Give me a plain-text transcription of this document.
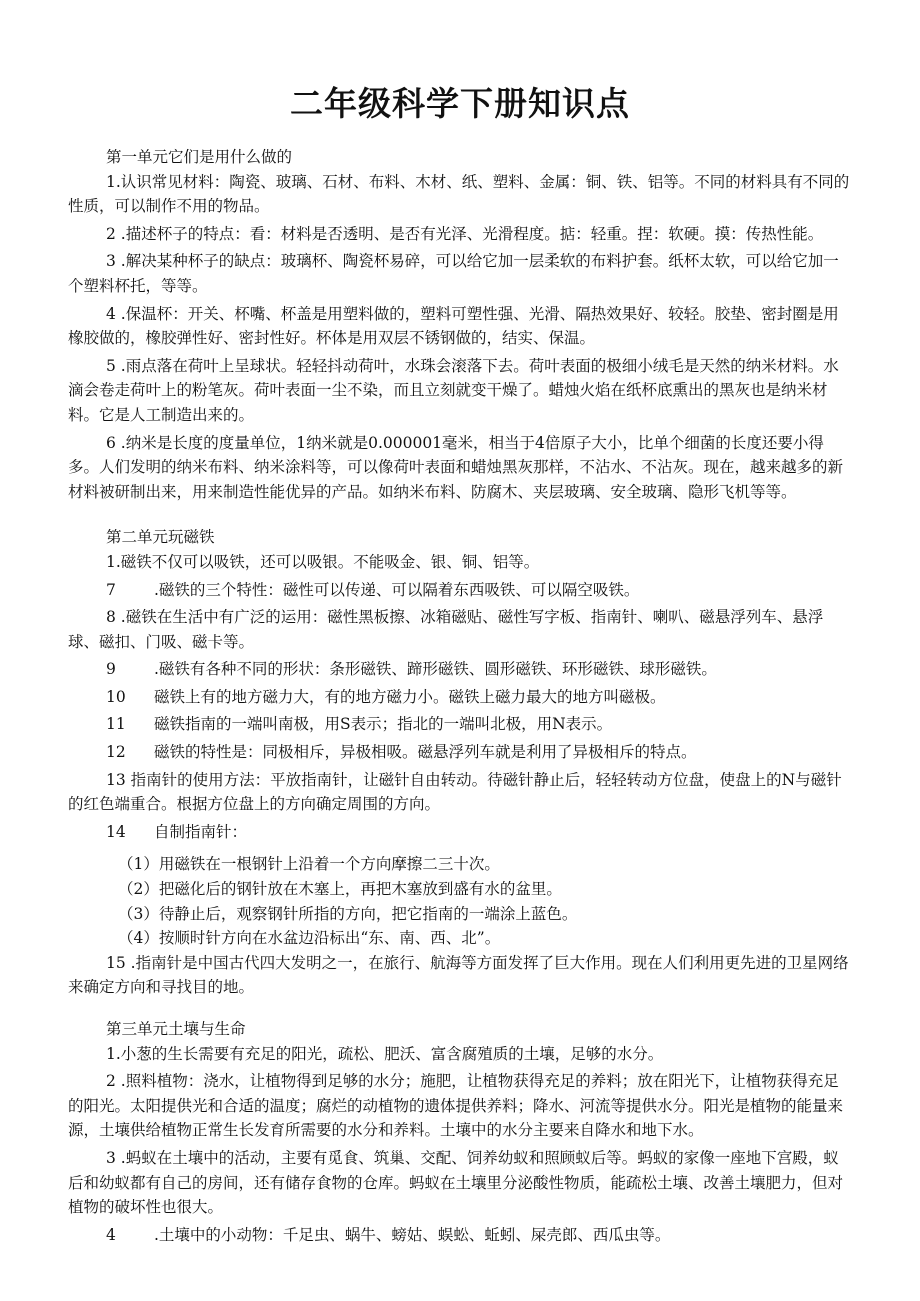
二年级科学下册知识点

第一单元它们是用什么做的

1.认识常见材料：陶瓷、玻璃、石材、布料、木材、纸、塑料、金属：铜、铁、铝等。不同的材料具有不同的性质，可以制作不用的物品。

2 .描述杯子的特点：看：材料是否透明、是否有光泽、光滑程度。掂：轻重。捏：软硬。摸：传热性能。

3 .解决某种杯子的缺点：玻璃杯、陶瓷杯易碎，可以给它加一层柔软的布料护套。纸杯太软，可以给它加一个塑料杯托，等等。

4 .保温杯：开关、杯嘴、杯盖是用塑料做的，塑料可塑性强、光滑、隔热效果好、较轻。胶垫、密封圈是用橡胶做的，橡胶弹性好、密封性好。杯体是用双层不锈钢做的，结实、保温。

5 .雨点落在荷叶上呈球状。轻轻抖动荷叶，水珠会滚落下去。荷叶表面的极细小绒毛是天然的纳米材料。水滴会卷走荷叶上的粉笔灰。荷叶表面一尘不染，而且立刻就变干燥了。蜡烛火焰在纸杯底熏出的黑灰也是纳米材料。它是人工制造出来的。

6 .纳米是长度的度量单位，1纳米就是0.000001毫米，相当于4倍原子大小，比单个细菌的长度还要小得多。人们发明的纳米布料、纳米涂料等，可以像荷叶表面和蜡烛黑灰那样，不沾水、不沾灰。现在，越来越多的新材料被研制出来，用来制造性能优异的产品。如纳米布料、防腐木、夹层玻璃、安全玻璃、隐形飞机等等。

第二单元玩磁铁

1.磁铁不仅可以吸铁，还可以吸银。不能吸金、银、铜、铝等。

7 .磁铁的三个特性：磁性可以传递、可以隔着东西吸铁、可以隔空吸铁。

8 .磁铁在生活中有广泛的运用：磁性黑板擦、冰箱磁贴、磁性写字板、指南针、喇叭、磁悬浮列车、悬浮球、磁扣、门吸、磁卡等。

9 .磁铁有各种不同的形状：条形磁铁、蹄形磁铁、圆形磁铁、环形磁铁、球形磁铁。

10 磁铁上有的地方磁力大，有的地方磁力小。磁铁上磁力最大的地方叫磁极。

11 磁铁指南的一端叫南极，用S表示；指北的一端叫北极，用N表示。

12 磁铁的特性是：同极相斥，异极相吸。磁悬浮列车就是利用了异极相斥的特点。

13 指南针的使用方法：平放指南针，让磁针自由转动。待磁针静止后，轻轻转动方位盘，使盘上的N与磁针的红色端重合。根据方位盘上的方向确定周围的方向。

14 自制指南针：

（1）用磁铁在一根钢针上沿着一个方向摩擦二三十次。

（2）把磁化后的钢针放在木塞上，再把木塞放到盛有水的盆里。

（3）待静止后，观察钢针所指的方向，把它指南的一端涂上蓝色。

（4）按顺时针方向在水盆边沿标出“东、南、西、北”。

15 .指南针是中国古代四大发明之一，在旅行、航海等方面发挥了巨大作用。现在人们利用更先进的卫星网络来确定方向和寻找目的地。

第三单元土壤与生命

1.小葱的生长需要有充足的阳光，疏松、肥沃、富含腐殖质的土壤，足够的水分。

2 .照料植物：浇水，让植物得到足够的水分；施肥，让植物获得充足的养料；放在阳光下，让植物获得充足的阳光。太阳提供光和合适的温度；腐烂的动植物的遗体提供养料；降水、河流等提供水分。阳光是植物的能量来源，土壤供给植物正常生长发育所需要的水分和养料。土壤中的水分主要来自降水和地下水。

3 .蚂蚁在土壤中的活动，主要有觅食、筑巢、交配、饲养幼蚁和照顾蚁后等。蚂蚁的家像一座地下宫殿，蚁后和幼蚁都有自己的房间，还有储存食物的仓库。蚂蚁在土壤里分泌酸性物质，能疏松土壤、改善土壤肥力，但对植物的破坏性也很大。

4 .土壤中的小动物：千足虫、蜗牛、螃姑、蜈蚣、蚯蚓、屎壳郎、西瓜虫等。
